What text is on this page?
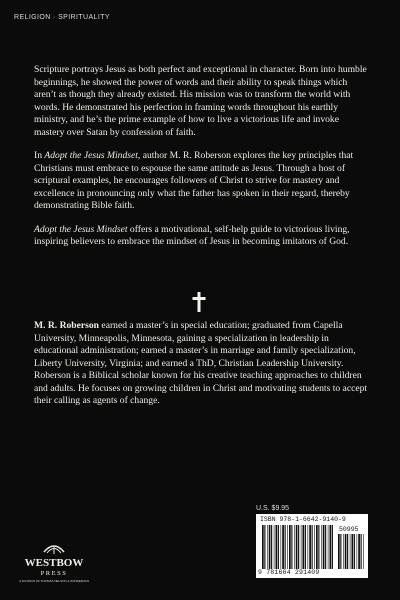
RELIGION · SPIRITUALITY

Scripture portrays Jesus as both perfect and exceptional in character. Born into humble beginnings, he showed the power of words and their ability to speak things which aren’t as though they already existed. His mission was to transform the world with words. He demonstrated his perfection in framing words throughout his earthly ministry, and he’s the prime example of how to live a victorious life and invoke mastery over Satan by confession of faith.

In Adopt the Jesus Mindset, author M. R. Roberson explores the key principles that Christians must embrace to espouse the same attitude as Jesus. Through a host of scriptural examples, he encourages followers of Christ to strive for mastery and excellence in pronouncing only what the father has spoken in their regard, thereby demonstrating Bible faith.

Adopt the Jesus Mindset offers a motivational, self-help guide to victorious living, inspiring believers to embrace the mindset of Jesus in becoming imitators of God.

M. R. Roberson earned a master’s in special education; graduated from Capella University, Minneapolis, Minnesota, gaining a specialization in leadership in educational administration; earned a master’s in marriage and family specialization, Liberty University, Virginia; and earned a ThD, Christian Leadership University. Roberson is a Biblical scholar known for his creative teaching approaches to children and adults. He focuses on growing children in Christ and motivating students to accept their calling as agents of change.

U.S. $9.95
ISBN 978-1-6642-9140-9
50995
9 781664 291409
WESTBOW
PRESS
A DIVISION OF THOMAS NELSON & ZONDERVAN
